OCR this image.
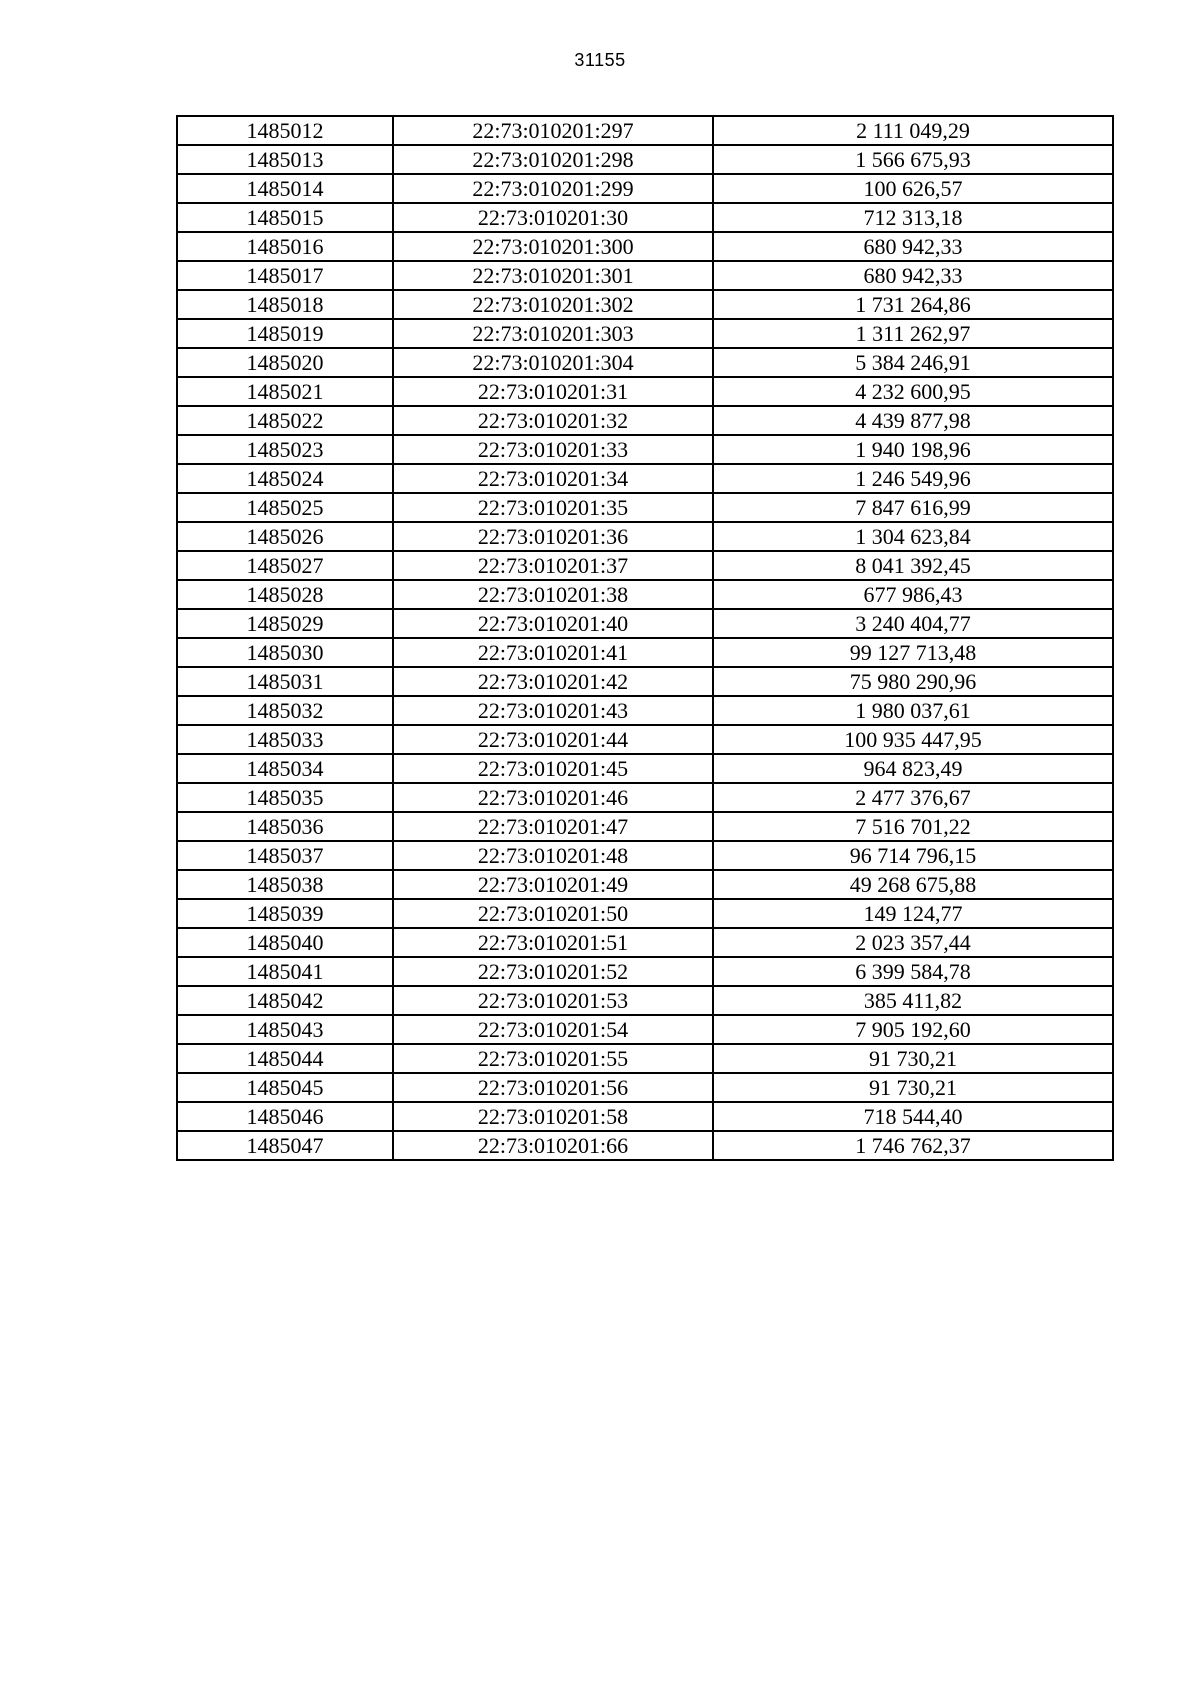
31155
1485012	22:73:010201:297	2 111 049,29
1485013	22:73:010201:298	1 566 675,93
1485014	22:73:010201:299	100 626,57
1485015	22:73:010201:30	712 313,18
1485016	22:73:010201:300	680 942,33
1485017	22:73:010201:301	680 942,33
1485018	22:73:010201:302	1 731 264,86
1485019	22:73:010201:303	1 311 262,97
1485020	22:73:010201:304	5 384 246,91
1485021	22:73:010201:31	4 232 600,95
1485022	22:73:010201:32	4 439 877,98
1485023	22:73:010201:33	1 940 198,96
1485024	22:73:010201:34	1 246 549,96
1485025	22:73:010201:35	7 847 616,99
1485026	22:73:010201:36	1 304 623,84
1485027	22:73:010201:37	8 041 392,45
1485028	22:73:010201:38	677 986,43
1485029	22:73:010201:40	3 240 404,77
1485030	22:73:010201:41	99 127 713,48
1485031	22:73:010201:42	75 980 290,96
1485032	22:73:010201:43	1 980 037,61
1485033	22:73:010201:44	100 935 447,95
1485034	22:73:010201:45	964 823,49
1485035	22:73:010201:46	2 477 376,67
1485036	22:73:010201:47	7 516 701,22
1485037	22:73:010201:48	96 714 796,15
1485038	22:73:010201:49	49 268 675,88
1485039	22:73:010201:50	149 124,77
1485040	22:73:010201:51	2 023 357,44
1485041	22:73:010201:52	6 399 584,78
1485042	22:73:010201:53	385 411,82
1485043	22:73:010201:54	7 905 192,60
1485044	22:73:010201:55	91 730,21
1485045	22:73:010201:56	91 730,21
1485046	22:73:010201:58	718 544,40
1485047	22:73:010201:66	1 746 762,37
